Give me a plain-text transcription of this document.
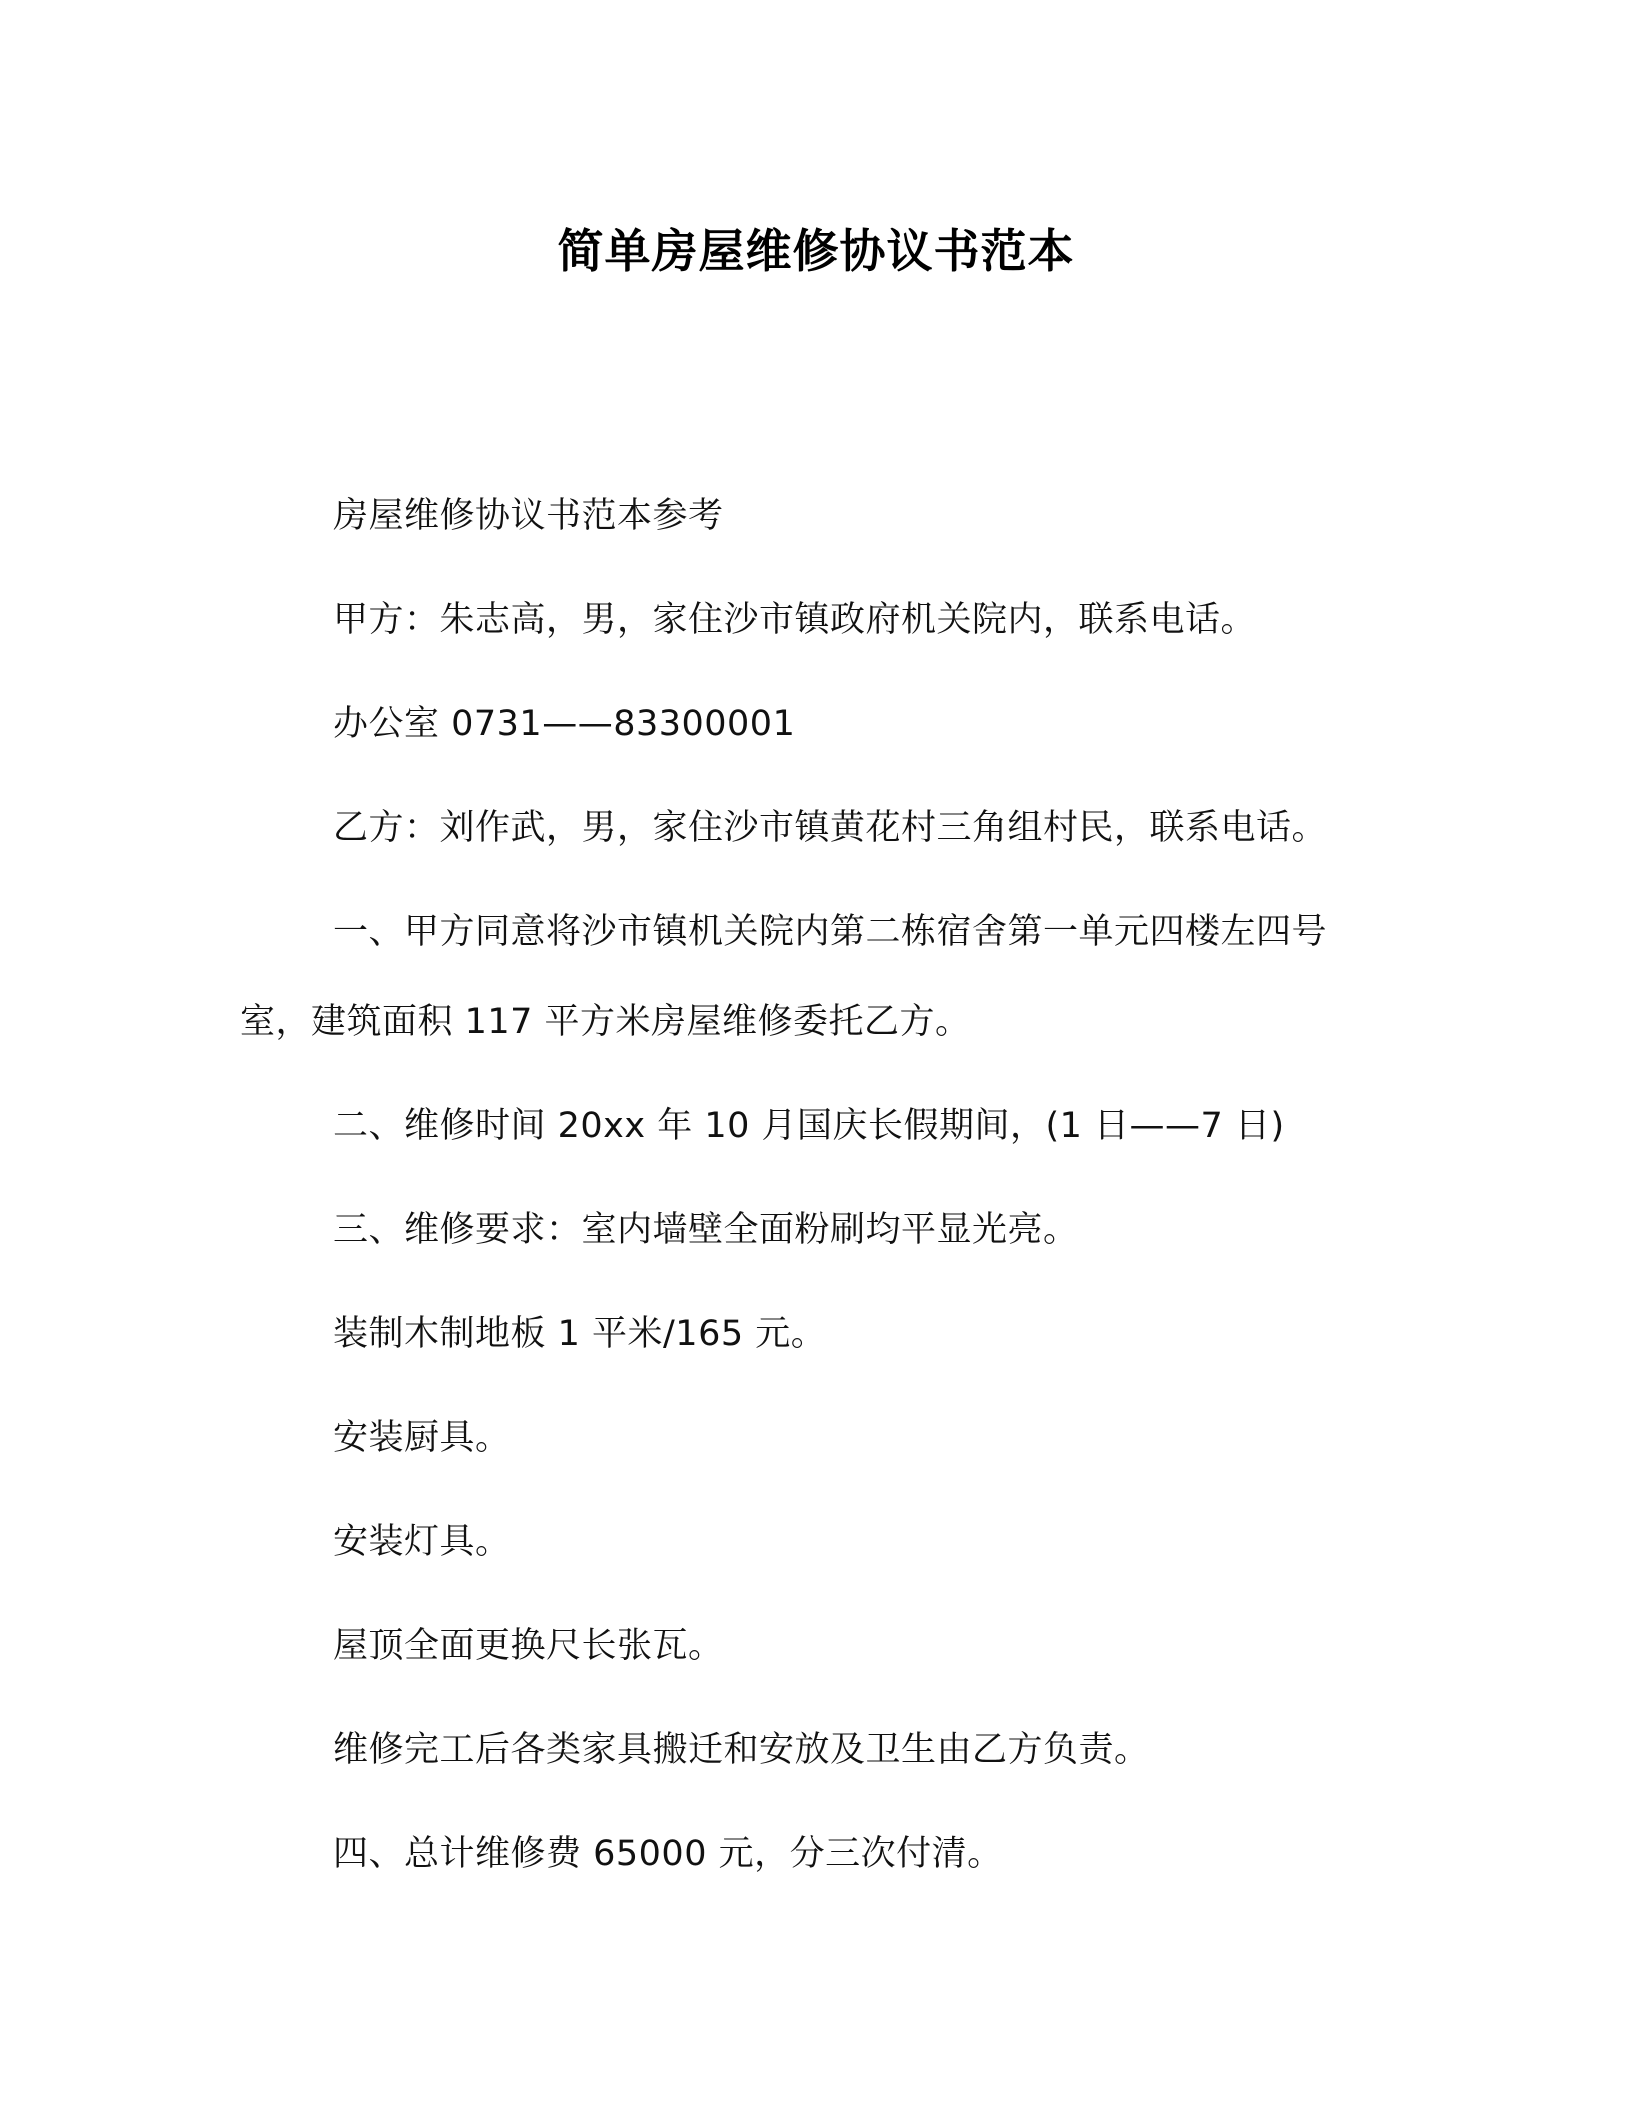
简单房屋维修协议书范本

房屋维修协议书范本参考

甲方：朱志高，男，家住沙市镇政府机关院内，联系电话。

办公室 0731——83300001

乙方：刘作武，男，家住沙市镇黄花村三角组村民，联系电话。

一、甲方同意将沙市镇机关院内第二栋宿舍第一单元四楼左四号室，建筑面积 117 平方米房屋维修委托乙方。

二、维修时间 20xx 年 10 月国庆长假期间，(1 日——7 日)

三、维修要求：室内墙壁全面粉刷均平显光亮。

装制木制地板 1 平米/165 元。

安装厨具。

安装灯具。

屋顶全面更换尺长张瓦。

维修完工后各类家具搬迁和安放及卫生由乙方负责。

四、总计维修费 65000 元，分三次付清。
